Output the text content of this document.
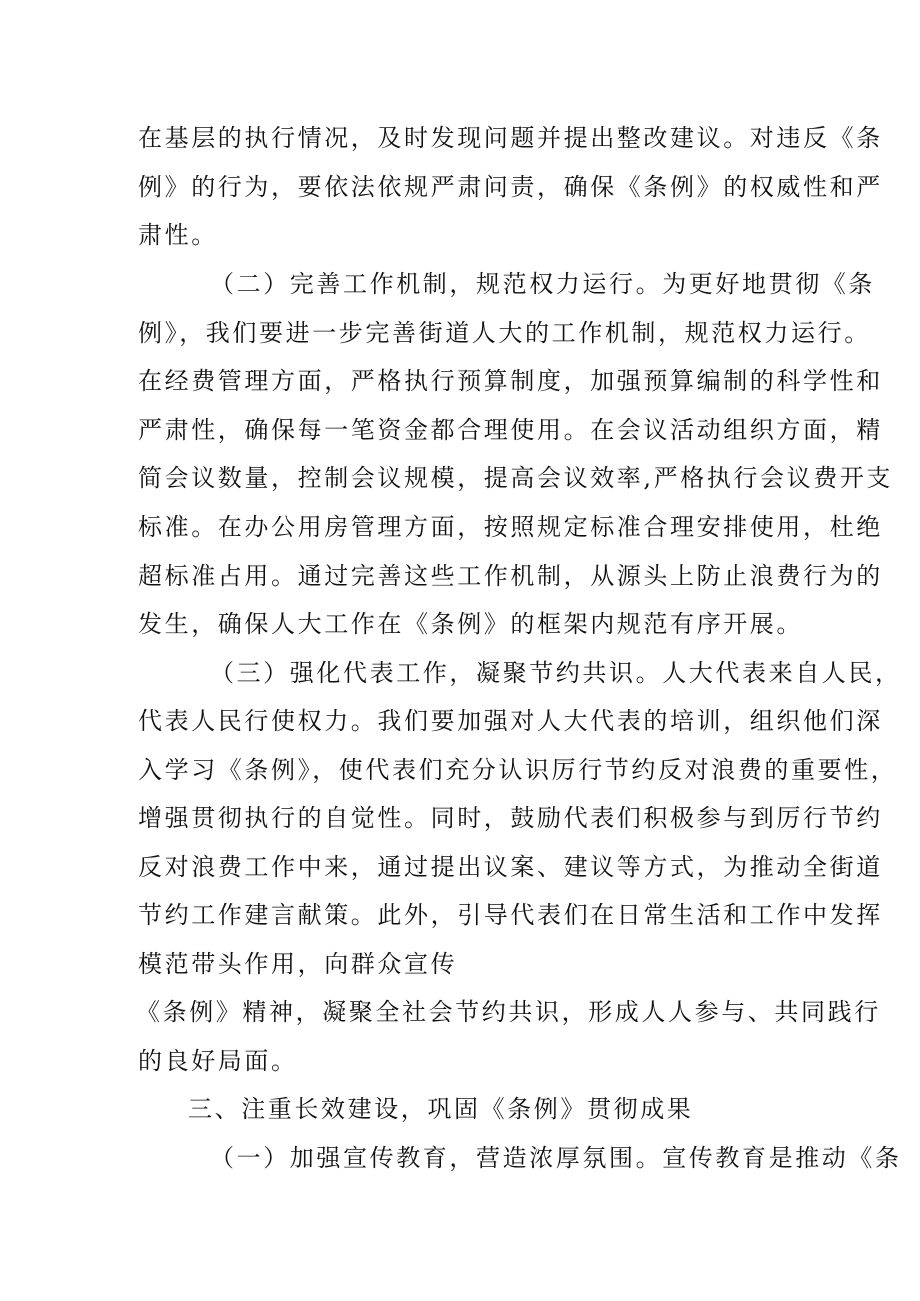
在基层的执行情况，及时发现问题并提出整改建议。对违反《条
例》的行为，要依法依规严肃问责，确保《条例》的权威性和严
肃性。
（二）完善工作机制，规范权力运行。为更好地贯彻《条
例》，我们要进一步完善街道人大的工作机制，规范权力运行。
在经费管理方面，严格执行预算制度，加强预算编制的科学性和
严肃性，确保每一笔资金都合理使用。在会议活动组织方面，精
简会议数量，控制会议规模，提高会议效率,严格执行会议费开支
标准。在办公用房管理方面，按照规定标准合理安排使用，杜绝
超标准占用。通过完善这些工作机制，从源头上防止浪费行为的
发生，确保人大工作在《条例》的框架内规范有序开展。
（三）强化代表工作，凝聚节约共识。人大代表来自人民，
代表人民行使权力。我们要加强对人大代表的培训，组织他们深
入学习《条例》，使代表们充分认识厉行节约反对浪费的重要性，
增强贯彻执行的自觉性。同时，鼓励代表们积极参与到厉行节约
反对浪费工作中来，通过提出议案、建议等方式，为推动全街道
节约工作建言献策。此外，引导代表们在日常生活和工作中发挥
模范带头作用，向群众宣传
《条例》精神，凝聚全社会节约共识，形成人人参与、共同践行
的良好局面。
三、注重长效建设，巩固《条例》贯彻成果
（一）加强宣传教育，营造浓厚氛围。宣传教育是推动《条
